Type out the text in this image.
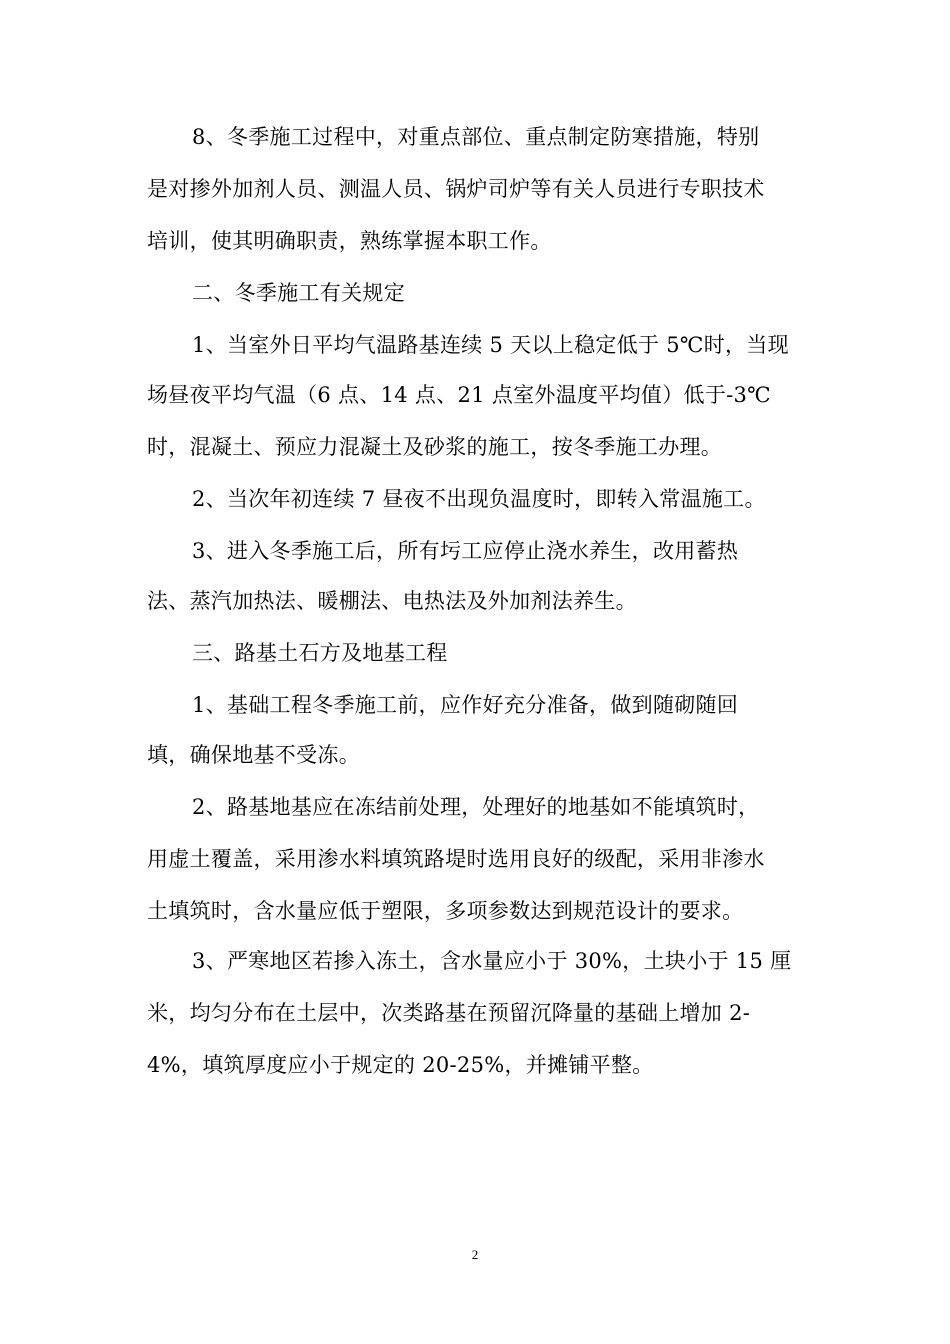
8、冬季施工过程中，对重点部位、重点制定防寒措施，特别
是对掺外加剂人员、测温人员、锅炉司炉等有关人员进行专职技术
培训，使其明确职责，熟练掌握本职工作。
二、冬季施工有关规定
1、当室外日平均气温路基连续 5 天以上稳定低于 5℃时，当现
场昼夜平均气温（6 点、14 点、21 点室外温度平均值）低于-3℃
时，混凝土、预应力混凝土及砂浆的施工，按冬季施工办理。
2、当次年初连续 7 昼夜不出现负温度时，即转入常温施工。
3、进入冬季施工后，所有圬工应停止浇水养生，改用蓄热
法、蒸汽加热法、暖棚法、电热法及外加剂法养生。
三、路基土石方及地基工程
1、基础工程冬季施工前，应作好充分准备，做到随砌随回
填，确保地基不受冻。
2、路基地基应在冻结前处理，处理好的地基如不能填筑时，
用虚土覆盖，采用渗水料填筑路堤时选用良好的级配，采用非渗水
土填筑时，含水量应低于塑限，多项参数达到规范设计的要求。
3、严寒地区若掺入冻土，含水量应小于 30%，土块小于 15 厘
米，均匀分布在土层中，次类路基在预留沉降量的基础上增加 2-
4%，填筑厚度应小于规定的 20-25%，并摊铺平整。
2
